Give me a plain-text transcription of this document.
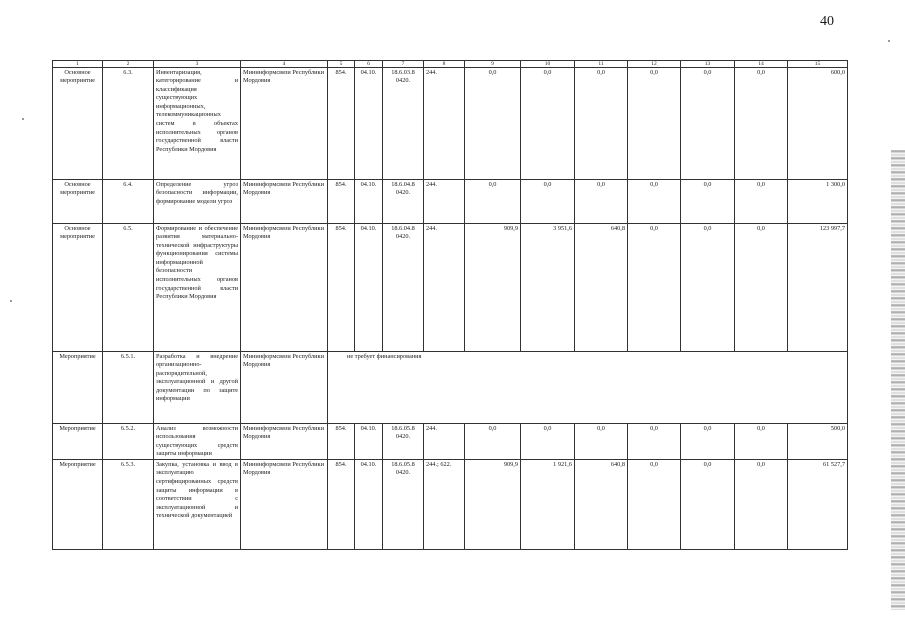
40
1	2	3	4	5	6	7	8	9	10	11	12	13	14	15
Основное мероприятие	6.3.	Инвентаризация, категорирование и классификация существующих информационных, телекоммуникационных систем в объектах исполнительных органов государственной власти Республики Мордовия	Мининформсвязи Республики Мордовия	854.	04.10.	18.6.03.8 0420.	244.	0,0	0,0	0,0	0,0	0,0	0,0	600,0
Основное мероприятие	6.4.	Определение угроз безопасности информации, формирование модели угроз	Мининформсвязи Республики Мордовия	854.	04.10.	18.6.04.8 0420.	244.	0,0	0,0	0,0	0,0	0,0	0,0	1 300,0
Основное мероприятие	6.5.	Формирование и обеспечение развития материально-технической инфраструктуры функционирования системы информационной безопасности исполнительных органов государственной власти Республики Мордовия	Мининформсвязи Республики Мордовия	854.	04.10.	18.6.04.8 0420.	244.	909,9	3 951,6	640,8	0,0	0,0	0,0	123 997,7
Мероприятие	6.5.1.	Разработка и внедрение организационно-распорядительной, эксплуатационной и другой документации по защите информации	Мининформсвязи Республики Мордовия
не требует финансирования											

Мероприятие	6.5.2.	Анализ возможности использования существующих средств защиты информации	Мининформсвязи Республики Мордовия	854.	04.10.	18.6.05.8 0420.	244.	0,0	0,0	0,0	0,0	0,0	0,0	500,0
Мероприятие	6.5.3.	Закупка, установка и ввод в эксплуатацию сертифицированных средств защиты информации в соответствии с эксплуатационной и технической документацией	Мининформсвязи Республики Мордовия	854.	04.10.	18.6.05.8 0420.	244.; 622.	909,9	1 921,6	640,8	0,0	0,0	0,0	61 527,7
